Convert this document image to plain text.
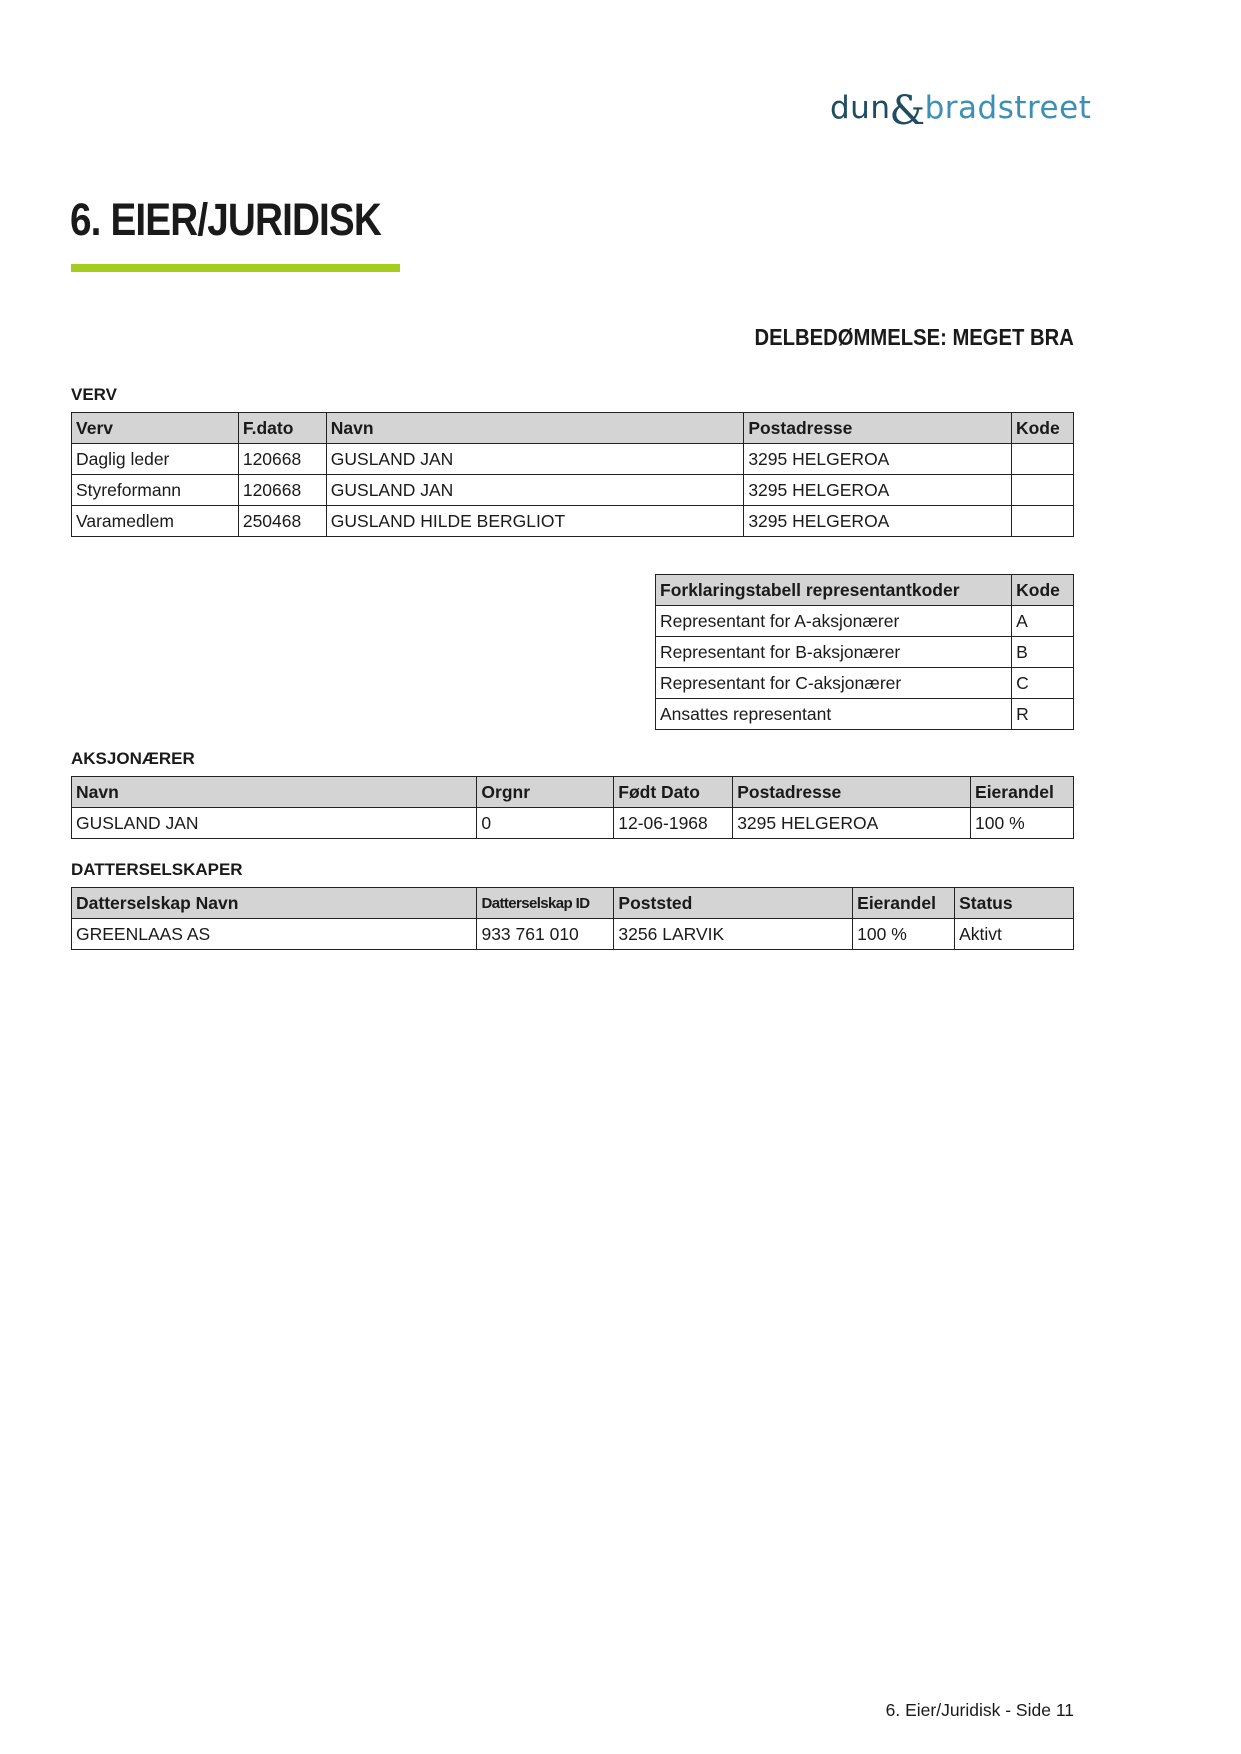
dun & bradstreet
6. EIER/JURIDISK
DELBEDØMMELSE: MEGET BRA
VERV
Verv	F.dato	Navn	Postadresse	Kode
Daglig leder	120668	GUSLAND JAN	3295 HELGEROA	
Styreformann	120668	GUSLAND JAN	3295 HELGEROA	
Varamedlem	250468	GUSLAND HILDE BERGLIOT	3295 HELGEROA	
Forklaringstabell representantkoder	Kode
Representant for A-aksjonærer	A
Representant for B-aksjonærer	B
Representant for C-aksjonærer	C
Ansattes representant	R
AKSJONÆRER
Navn	Orgnr	Født Dato	Postadresse	Eierandel
GUSLAND JAN	0	12-06-1968	3295 HELGEROA	100 %
DATTERSELSKAPER
Datterselskap Navn	Datterselskap ID	Poststed	Eierandel	Status
GREENLAAS AS	933 761 010	3256 LARVIK	100 %	Aktivt
6. Eier/Juridisk - Side 11
